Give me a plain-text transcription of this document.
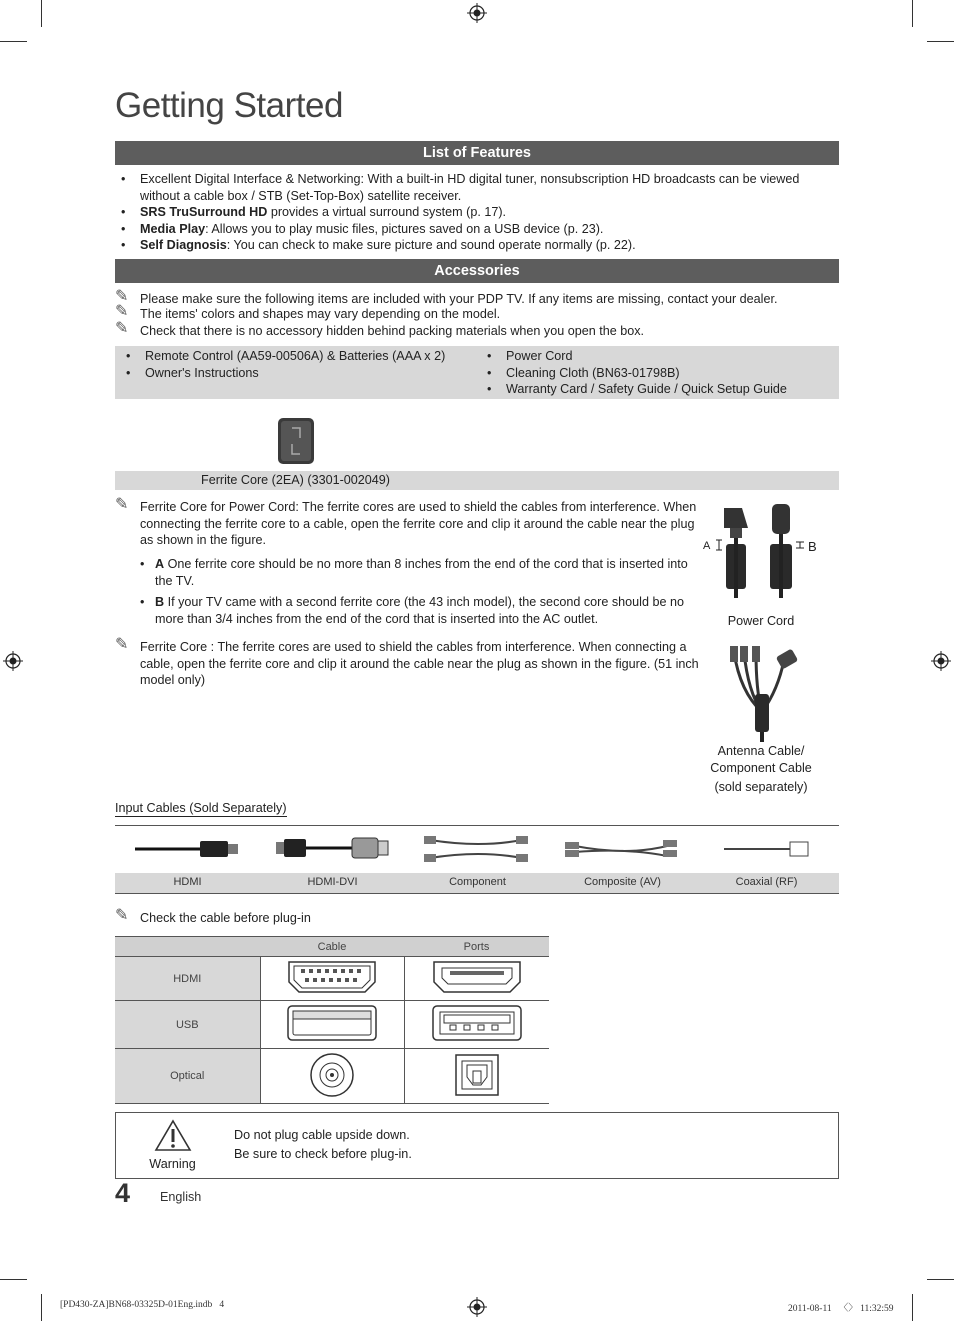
Getting Started
List of Features
• Excellent Digital Interface & Networking: With a built-in HD digital tuner, nonsubscription HD broadcasts can be viewed without a cable box / STB (Set-Top-Box) satellite receiver.
• SRS TruSurround HD provides a virtual surround system (p. 17).
• Media Play: Allows you to play music files, pictures saved on a USB device (p. 23).
• Self Diagnosis: You can check to make sure picture and sound operate normally (p. 22).
Accessories
✎ Please make sure the following items are included with your PDP TV. If any items are missing, contact your dealer.
✎ The items' colors and shapes may vary depending on the model.
✎ Check that there is no accessory hidden behind packing materials when you open the box.
• Remote Control (AA59-00506A) & Batteries (AAA x 2)
• Owner's Instructions
• Power Cord
• Cleaning Cloth (BN63-01798B)
• Warranty Card / Safety Guide / Quick Setup Guide
Ferrite Core (2EA) (3301-002049)
✎ Ferrite Core for Power Cord: The ferrite cores are used to shield the cables from interference. When connecting the ferrite core to a cable, open the ferrite core and clip it around the cable near the plug as shown in the figure.
• A One ferrite core should be no more than 8 inches from the end of the cord that is inserted into the TV.
• B If your TV came with a second ferrite core (the 43 inch model), the second core should be no more than 3/4 inches from the end of the cord that is inserted into the AC outlet.
✎ Ferrite Core : The ferrite cores are used to shield the cables from interference. When connecting a cable, open the ferrite core and clip it around the cable near the plug as shown in the figure. (51 inch model only)
A	B
Power Cord
Antenna Cable/
Component Cable
(sold separately)
Input Cables (Sold Separately)
HDMI	HDMI-DVI	Component	Composite (AV)	Coaxial (RF)
✎ Check the cable before plug-in
	Cable	Ports
HDMI		
USB		
Optical		
Warning
Do not plug cable upside down.
Be sure to check before plug-in.
4 English
[PD430-ZA]BN68-03325D-01Eng.indb   4	2011-08-11   〈〉 11:32:59
